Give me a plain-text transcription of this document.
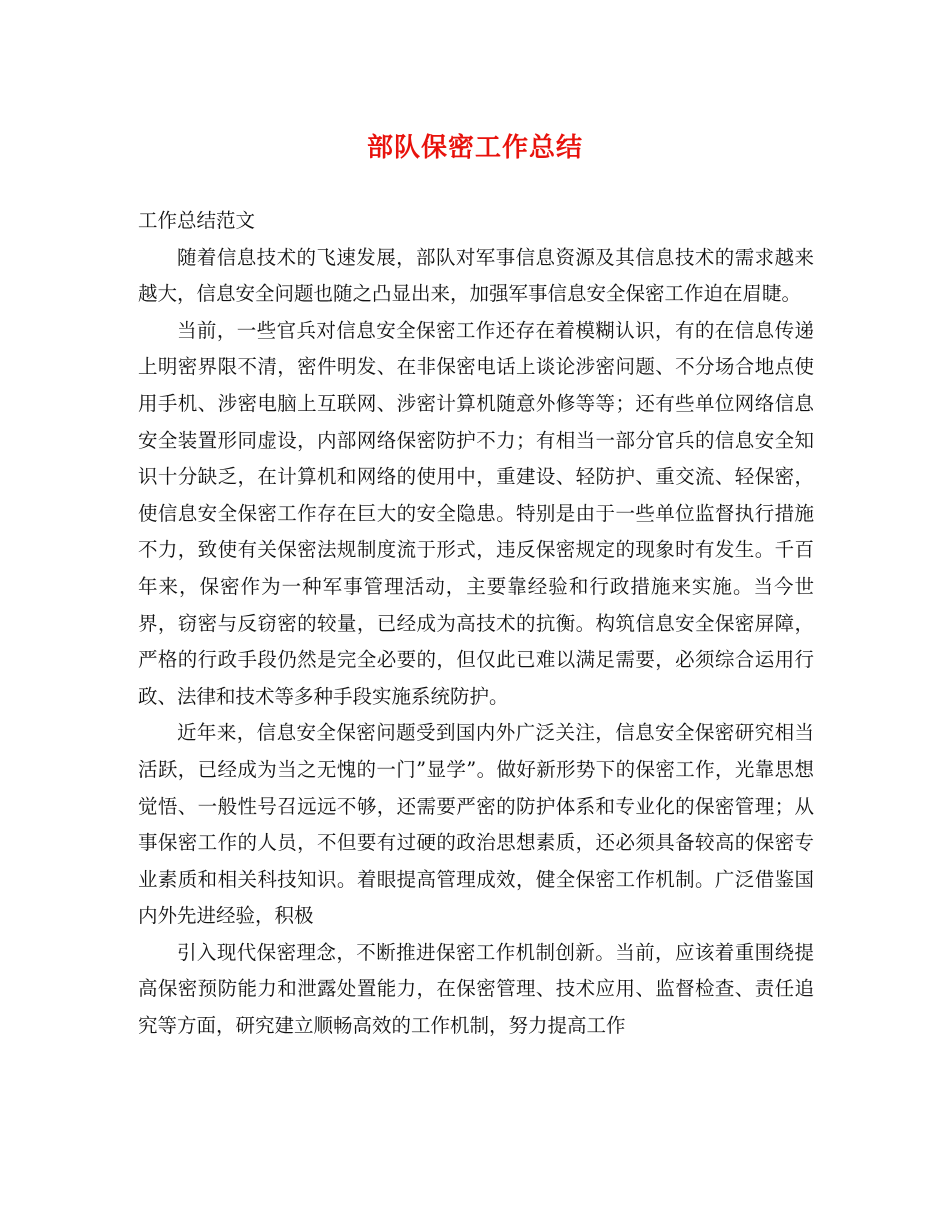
部队保密工作总结

工作总结范文

随着信息技术的飞速发展，部队对军事信息资源及其信息技术的需求越来越大，信息安全问题也随之凸显出来，加强军事信息安全保密工作迫在眉睫。

当前，一些官兵对信息安全保密工作还存在着模糊认识，有的在信息传递上明密界限不清，密件明发、在非保密电话上谈论涉密问题、不分场合地点使用手机、涉密电脑上互联网、涉密计算机随意外修等等；还有些单位网络信息安全装置形同虚设，内部网络保密防护不力；有相当一部分官兵的信息安全知识十分缺乏，在计算机和网络的使用中，重建设、轻防护、重交流、轻保密，使信息安全保密工作存在巨大的安全隐患。特别是由于一些单位监督执行措施不力，致使有关保密法规制度流于形式，违反保密规定的现象时有发生。千百年来，保密作为一种军事管理活动，主要靠经验和行政措施来实施。当今世界，窃密与反窃密的较量，已经成为高技术的抗衡。构筑信息安全保密屏障，严格的行政手段仍然是完全必要的，但仅此已难以满足需要，必须综合运用行政、法律和技术等多种手段实施系统防护。

近年来，信息安全保密问题受到国内外广泛关注，信息安全保密研究相当活跃，已经成为当之无愧的一门”显学”。做好新形势下的保密工作，光靠思想觉悟、一般性号召远远不够，还需要严密的防护体系和专业化的保密管理；从事保密工作的人员，不但要有过硬的政治思想素质，还必须具备较高的保密专业素质和相关科技知识。着眼提高管理成效，健全保密工作机制。广泛借鉴国内外先进经验，积极

引入现代保密理念，不断推进保密工作机制创新。当前，应该着重围绕提高保密预防能力和泄露处置能力，在保密管理、技术应用、监督检查、责任追究等方面，研究建立顺畅高效的工作机制，努力提高工作
